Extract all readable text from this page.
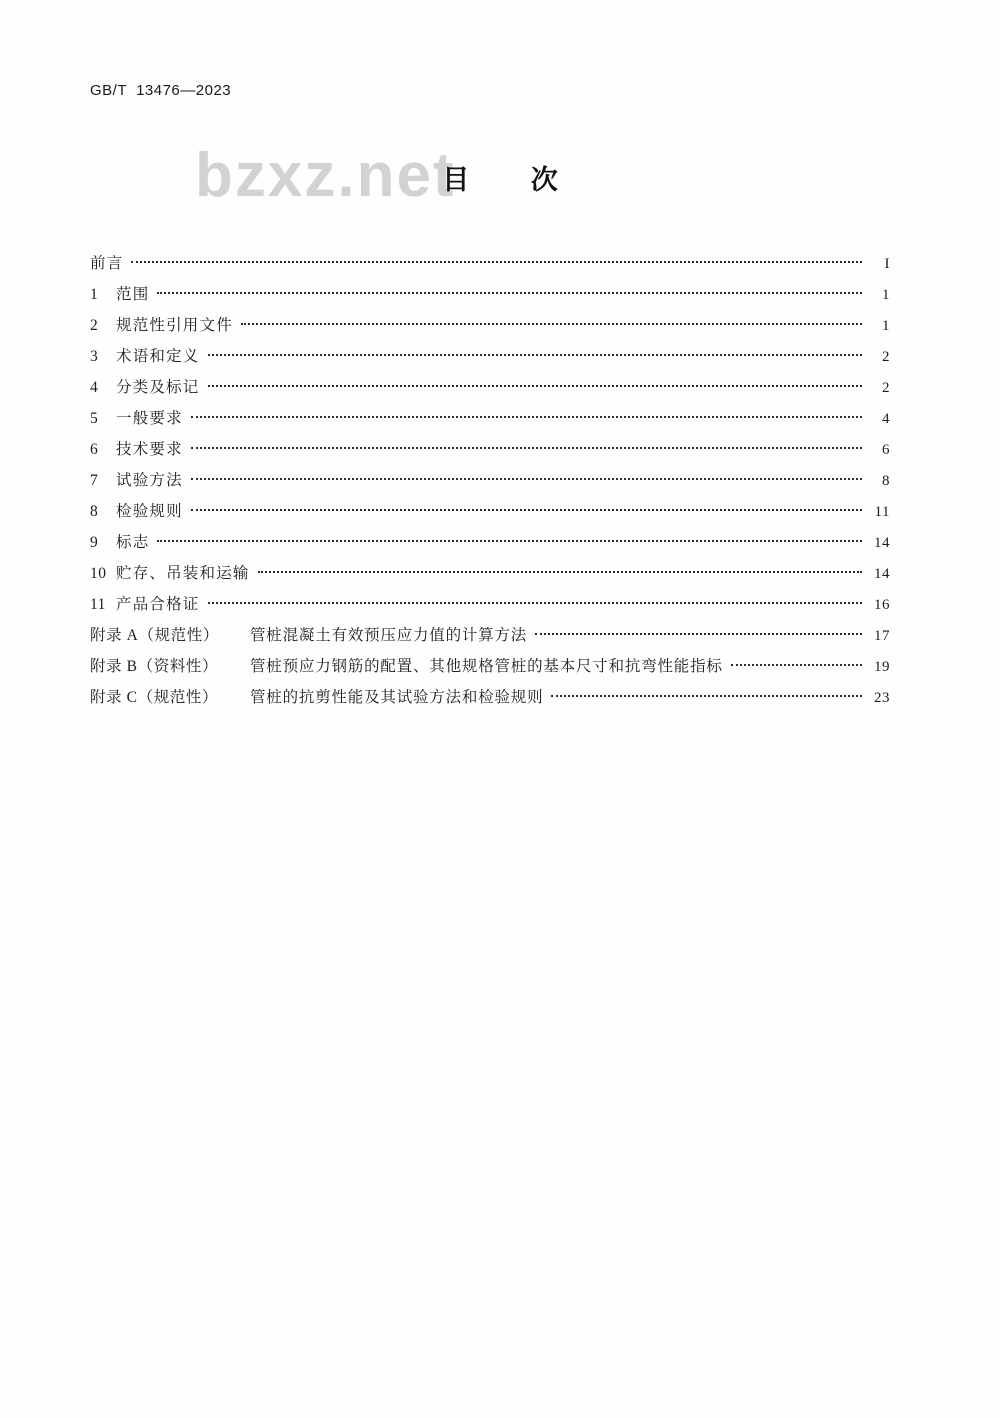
GB/T  13476—2023
bzxz.net
目 次
前言	I
1	范围	1
2	规范性引用文件	1
3	术语和定义	2
4	分类及标记	2
5	一般要求	4
6	技术要求	6
7	试验方法	8
8	检验规则	11
9	标志	14
10 贮存、吊装和运输	14
11 产品合格证	16
附录 A（规范性）	管桩混凝土有效预压应力值的计算方法	17
附录 B（资料性）	管桩预应力钢筋的配置、其他规格管桩的基本尺寸和抗弯性能指标	19
附录 C（规范性）	管桩的抗剪性能及其试验方法和检验规则	23
